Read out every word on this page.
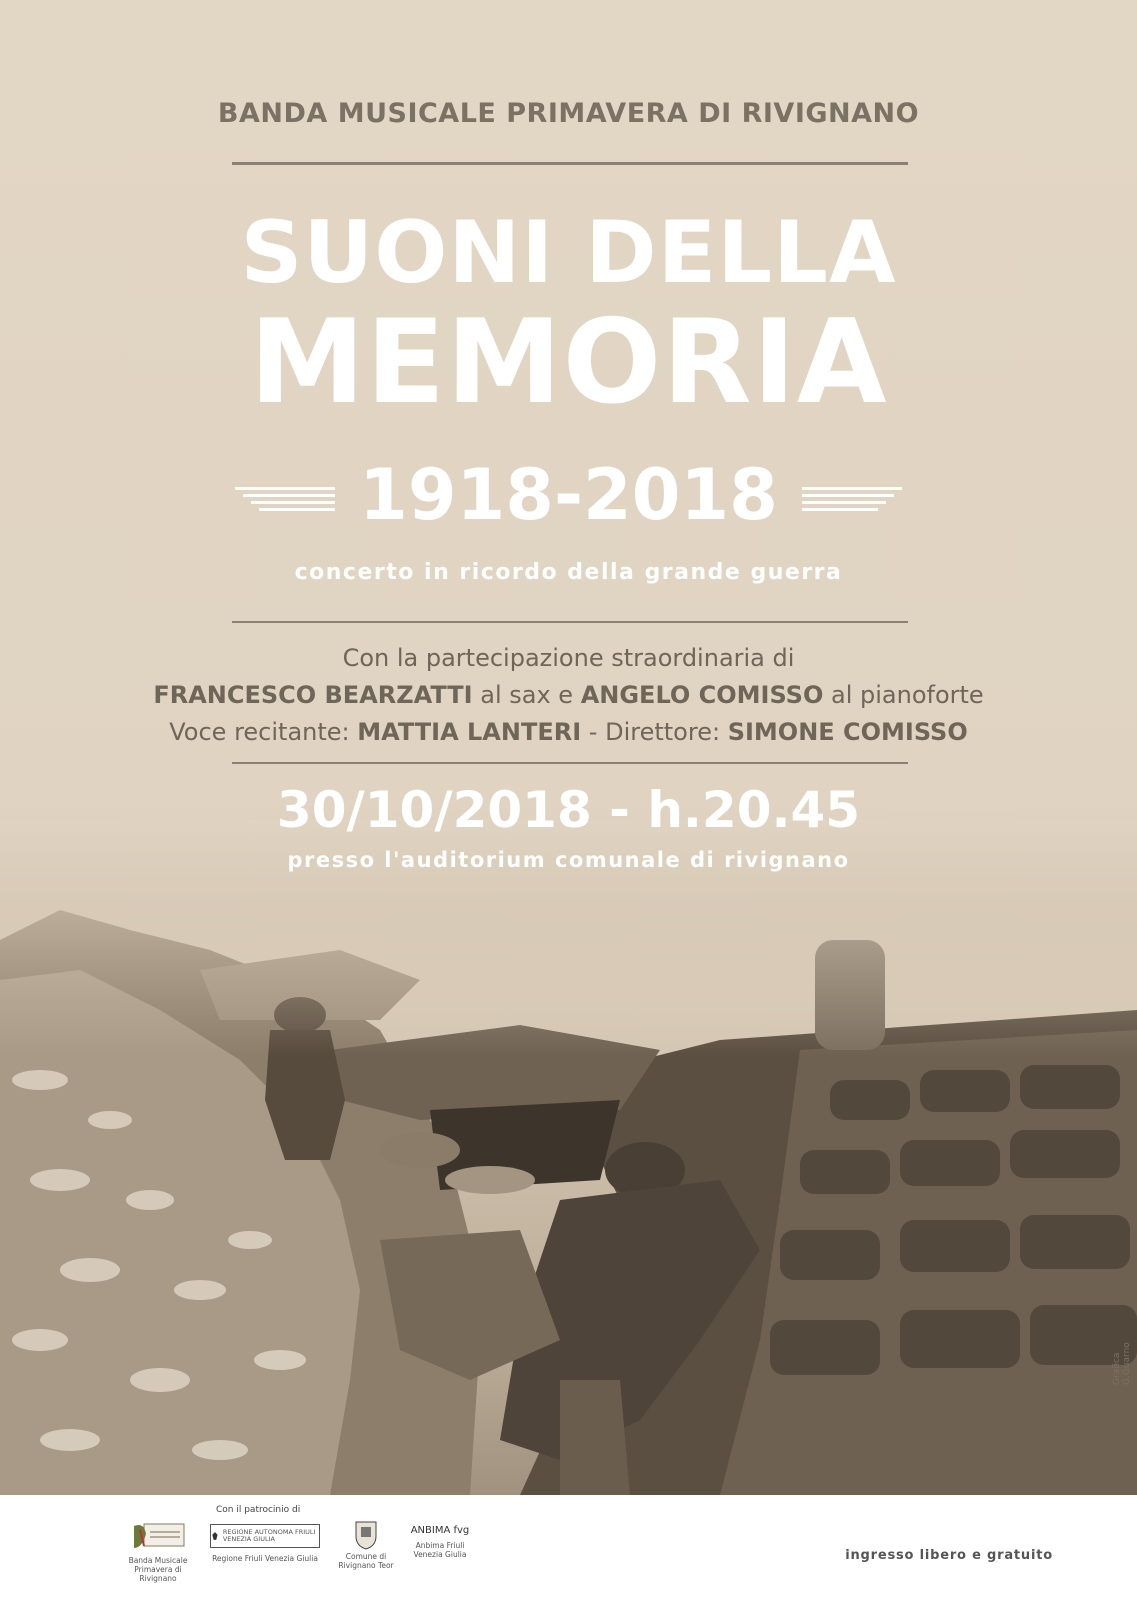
BANDA MUSICALE PRIMAVERA DI RIVIGNANO
SUONI DELLA
MEMORIA
1918-2018
concerto in ricordo della grande guerra
Con la partecipazione straordinaria di
FRANCESCO BEARZATTI al sax e ANGELO COMISSO al pianoforte
Voce recitante: MATTIA LANTERI - Direttore: SIMONE COMISSO
30/10/2018 - h.20.45
presso l'auditorium comunale di rivignano
Grafica G.Guarno
Con il patrocinio di
Banda Musicale Primavera di Rivignano
REGIONE AUTONOMA FRIULI VENEZIA GIULIA
Regione Friuli Venezia Giulia	Comune di Rivignano Teor
ANBIMA fvg
Anbima Friuli Venezia Giulia	ingresso libero e gratuito
